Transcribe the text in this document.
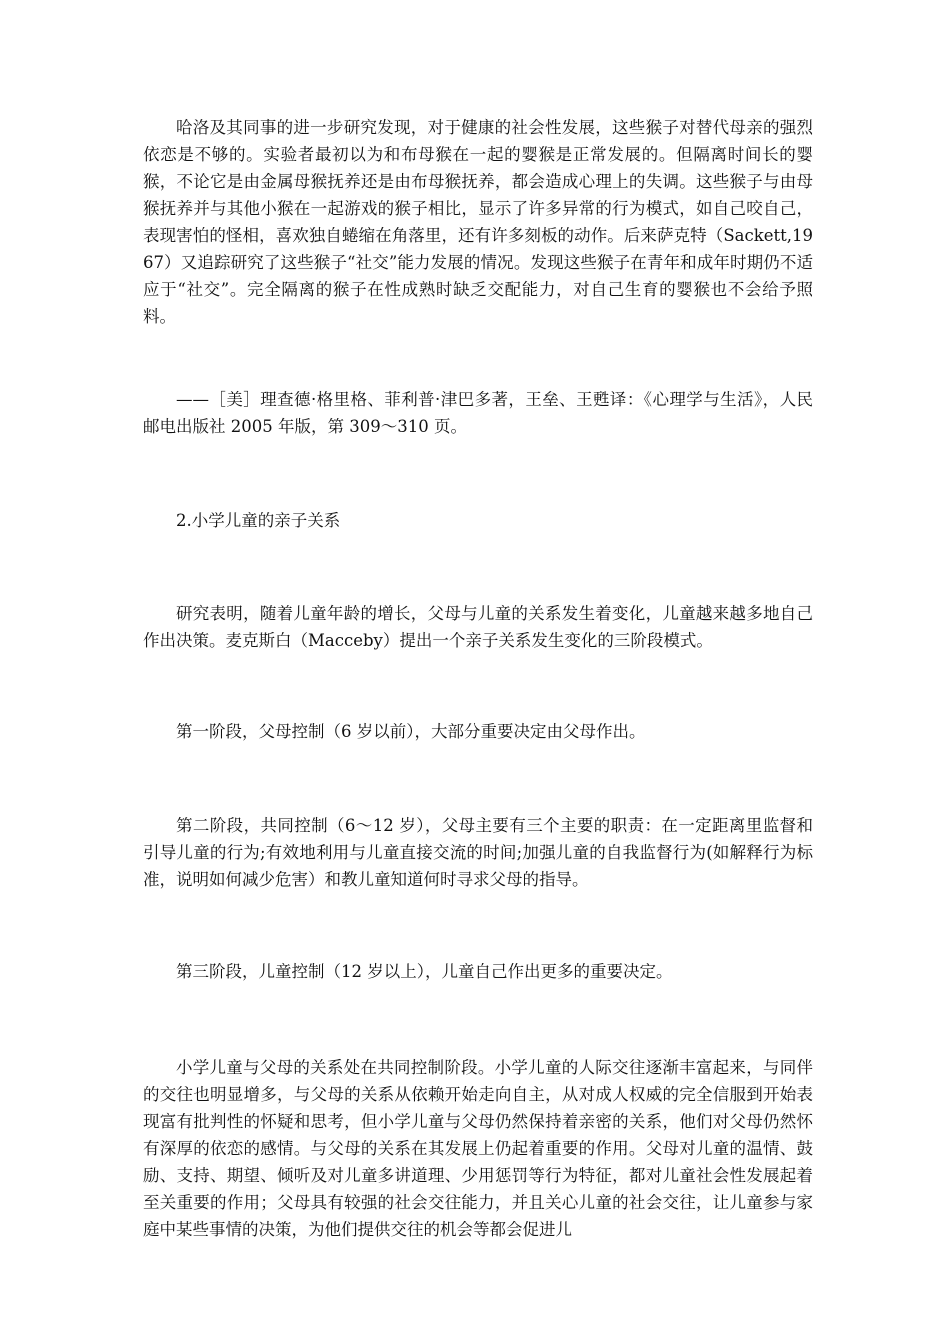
哈洛及其同事的进一步研究发现，对于健康的社会性发展，这些猴子对替代母亲的强烈依恋是不够的。实验者最初以为和布母猴在一起的婴猴是正常发展的。但隔离时间长的婴猴，不论它是由金属母猴抚养还是由布母猴抚养，都会造成心理上的失调。这些猴子与由母猴抚养并与其他小猴在一起游戏的猴子相比，显示了许多异常的行为模式，如自己咬自己，表现害怕的怪相，喜欢独自蜷缩在角落里，还有许多刻板的动作。后来萨克特（Sackett,1967）又追踪研究了这些猴子“社交”能力发展的情况。发现这些猴子在青年和成年时期仍不适应于“社交”。完全隔离的猴子在性成熟时缺乏交配能力，对自己生育的婴猴也不会给予照料。

——［美］理查德·格里格、菲利普·津巴多著，王垒、王甦译：《心理学与生活》，人民邮电出版社 2005 年版，第 309～310 页。

2.小学儿童的亲子关系

研究表明，随着儿童年龄的增长，父母与儿童的关系发生着变化，儿童越来越多地自己作出决策。麦克斯白（Macceby）提出一个亲子关系发生变化的三阶段模式。

第一阶段，父母控制（6 岁以前），大部分重要决定由父母作出。

第二阶段，共同控制（6～12 岁），父母主要有三个主要的职责：在一定距离里监督和引导儿童的行为;有效地利用与儿童直接交流的时间;加强儿童的自我监督行为(如解释行为标准，说明如何减少危害）和教儿童知道何时寻求父母的指导。

第三阶段，儿童控制（12 岁以上），儿童自己作出更多的重要决定。

小学儿童与父母的关系处在共同控制阶段。小学儿童的人际交往逐渐丰富起来，与同伴的交往也明显增多，与父母的关系从依赖开始走向自主，从对成人权威的完全信服到开始表现富有批判性的怀疑和思考，但小学儿童与父母仍然保持着亲密的关系，他们对父母仍然怀有深厚的依恋的感情。与父母的关系在其发展上仍起着重要的作用。父母对儿童的温情、鼓励、支持、期望、倾听及对儿童多讲道理、少用惩罚等行为特征，都对儿童社会性发展起着至关重要的作用；父母具有较强的社会交往能力，并且关心儿童的社会交往，让儿童参与家庭中某些事情的决策，为他们提供交往的机会等都会促进儿
